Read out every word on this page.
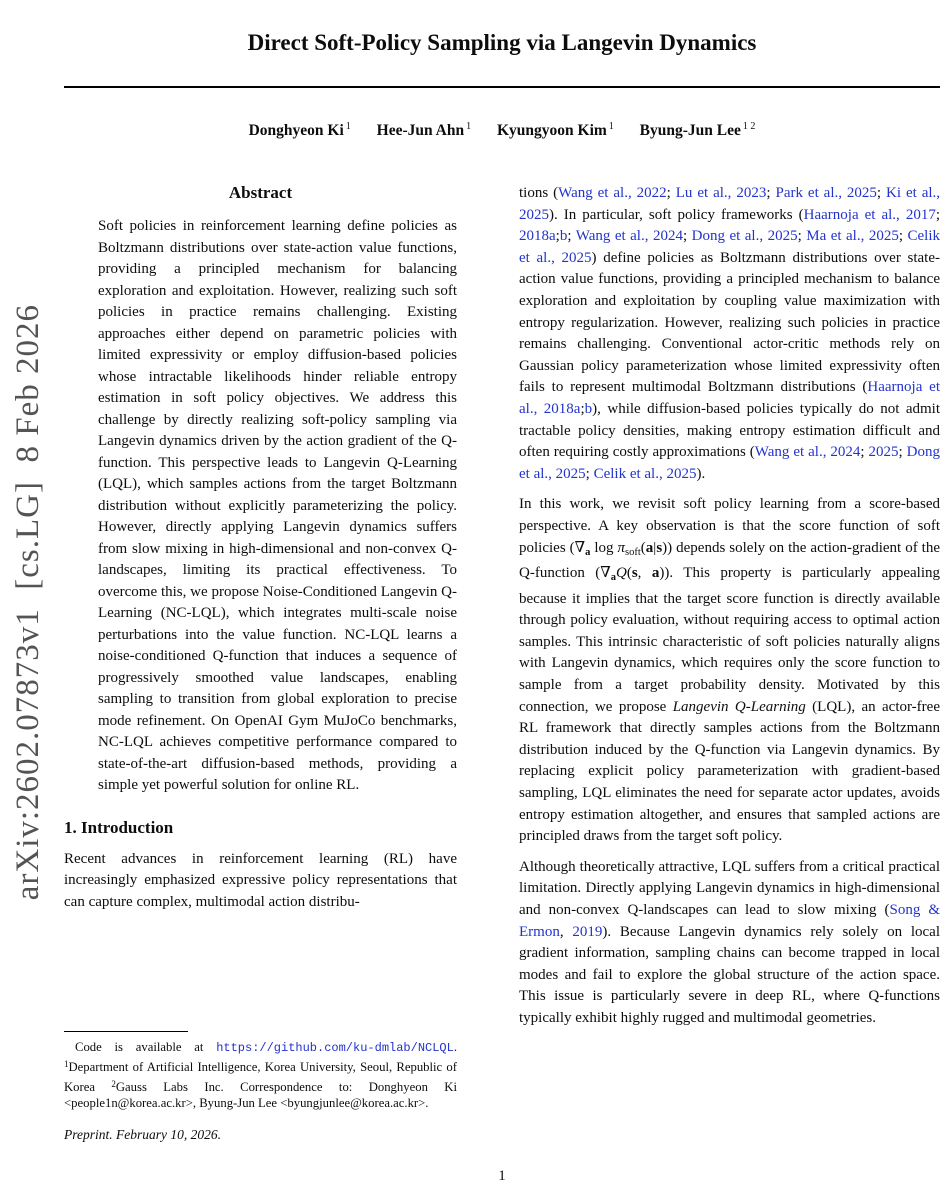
arXiv:2602.07873v1  [cs.LG]  8 Feb 2026
Direct Soft-Policy Sampling via Langevin Dynamics
Donghyeon Ki $^1$ Hee-Jun Ahn $^1$ Kyungyoon Kim $^1$ Byung-Jun Lee $^{1 2}$
Abstract

Soft policies in reinforcement learning define policies as Boltzmann distributions over state-action value functions, providing a principled mechanism for balancing exploration and exploitation. However, realizing such soft policies in practice remains challenging. Existing approaches either depend on parametric policies with limited expressivity or employ diffusion-based policies whose intractable likelihoods hinder reliable entropy estimation in soft policy objectives. We address this challenge by directly realizing soft-policy sampling via Langevin dynamics driven by the action gradient of the Q-function. This perspective leads to Langevin Q-Learning (LQL), which samples actions from the target Boltzmann distribution without explicitly parameterizing the policy. However, directly applying Langevin dynamics suffers from slow mixing in high-dimensional and non-convex Q-landscapes, limiting its practical effectiveness. To overcome this, we propose Noise-Conditioned Langevin Q-Learning (NC-LQL), which integrates multi-scale noise perturbations into the value function. NC-LQL learns a noise-conditioned Q-function that induces a sequence of progressively smoothed value landscapes, enabling sampling to transition from global exploration to precise mode refinement. On OpenAI Gym MuJoCo benchmarks, NC-LQL achieves competitive performance compared to state-of-the-art diffusion-based methods, providing a simple yet powerful solution for online RL.

1. Introduction

Recent advances in reinforcement learning (RL) have increasingly emphasized expressive policy representations that can capture complex, multimodal action distribu-

tions (Wang et al., 2022; Lu et al., 2023; Park et al., 2025; Ki et al., 2025). In particular, soft policy frameworks (Haarnoja et al., 2017; 2018a;b; Wang et al., 2024; Dong et al., 2025; Ma et al., 2025; Celik et al., 2025) define policies as Boltzmann distributions over state-action value functions, providing a principled mechanism to balance exploration and exploitation by coupling value maximization with entropy regularization. However, realizing such policies in practice remains challenging. Conventional actor-critic methods rely on Gaussian policy parameterization whose limited expressivity often fails to represent multimodal Boltzmann distributions (Haarnoja et al., 2018a;b), while diffusion-based policies typically do not admit tractable policy densities, making entropy estimation difficult and often requiring costly approximations (Wang et al., 2024; 2025; Dong et al., 2025; Celik et al., 2025).

In this work, we revisit soft policy learning from a score-based perspective. A key observation is that the score function of soft policies ($\nabla_a$ $\log \pi_{soft}(a|s)$) depends solely on the action-gradient of the Q-function ($\nabla_aQ(s$, a)). This property is particularly appealing because it implies that the target score function is directly available through policy evaluation, without requiring access to optimal action samples. This intrinsic characteristic of soft policies naturally aligns with Langevin dynamics, which requires only the score function to sample from a target probability density. Motivated by this connection, we propose Langevin Q-Learning (LQL), an actor-free RL framework that directly samples actions from the Boltzmann distribution induced by the Q-function via Langevin dynamics. By replacing explicit policy parameterization with gradient-based sampling, LQL eliminates the need for separate actor updates, avoids entropy estimation altogether, and ensures that sampled actions are principled draws from the target soft policy.

Although theoretically attractive, LQL suffers from a critical practical limitation. Directly applying Langevin dynamics in high-dimensional and non-convex Q-landscapes can lead to slow mixing (Song & Ermon, 2019). Because Langevin dynamics rely solely on local gradient information, sampling chains can become trapped in local modes and fail to explore the global structure of the action space. This issue is particularly severe in deep RL, where Q-functions typically exhibit highly rugged and multimodal geometries.

Code is available at https://github.com/ku-dmlab/NCLQL. $^1$Department of Artificial Intelligence, Korea University, Seoul, Republic of Korea $^2$Gauss Labs Inc. Correspondence to: Donghyeon Ki <people1n@korea.ac.kr>, Byung-Jun Lee <byungjunlee@korea.ac.kr>.

Preprint. February 10, 2026.

1
